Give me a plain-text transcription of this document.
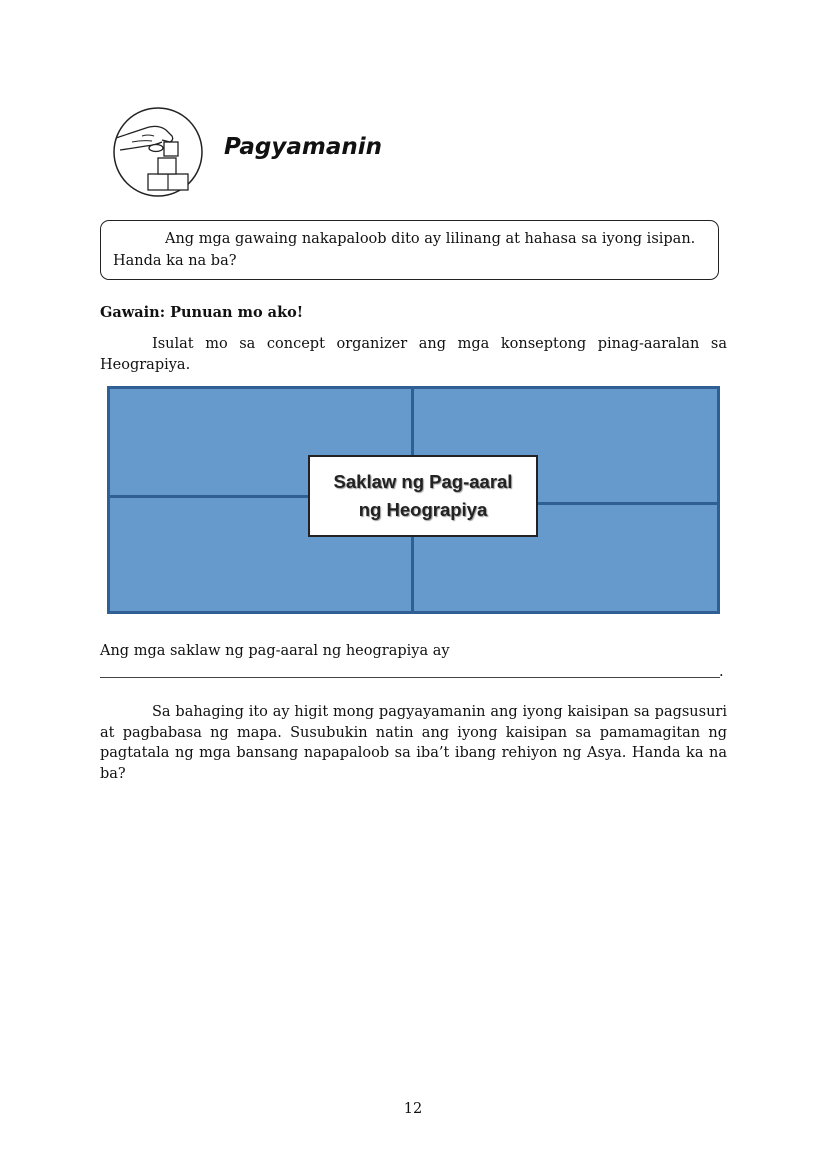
Pagyamanin

Ang mga gawaing nakapaloob dito ay lilinang at hahasa sa iyong isipan. Handa ka na ba?

Gawain: Punuan mo ako!

Isulat mo sa concept organizer ang mga konseptong pinag-aaralan sa Heograpiya.

Saklaw ng Pag-aaral
ng Heograpiya

Ang mga saklaw ng pag-aaral ng heograpiya ay

.

Sa bahaging ito ay higit mong pagyayamanin ang iyong kaisipan sa pagsusuri at pagbabasa ng mapa. Susubukin natin ang iyong kaisipan sa pamamagitan ng pagtatala ng mga bansang napapaloob sa iba’t ibang rehiyon ng Asya. Handa ka na ba?

12
